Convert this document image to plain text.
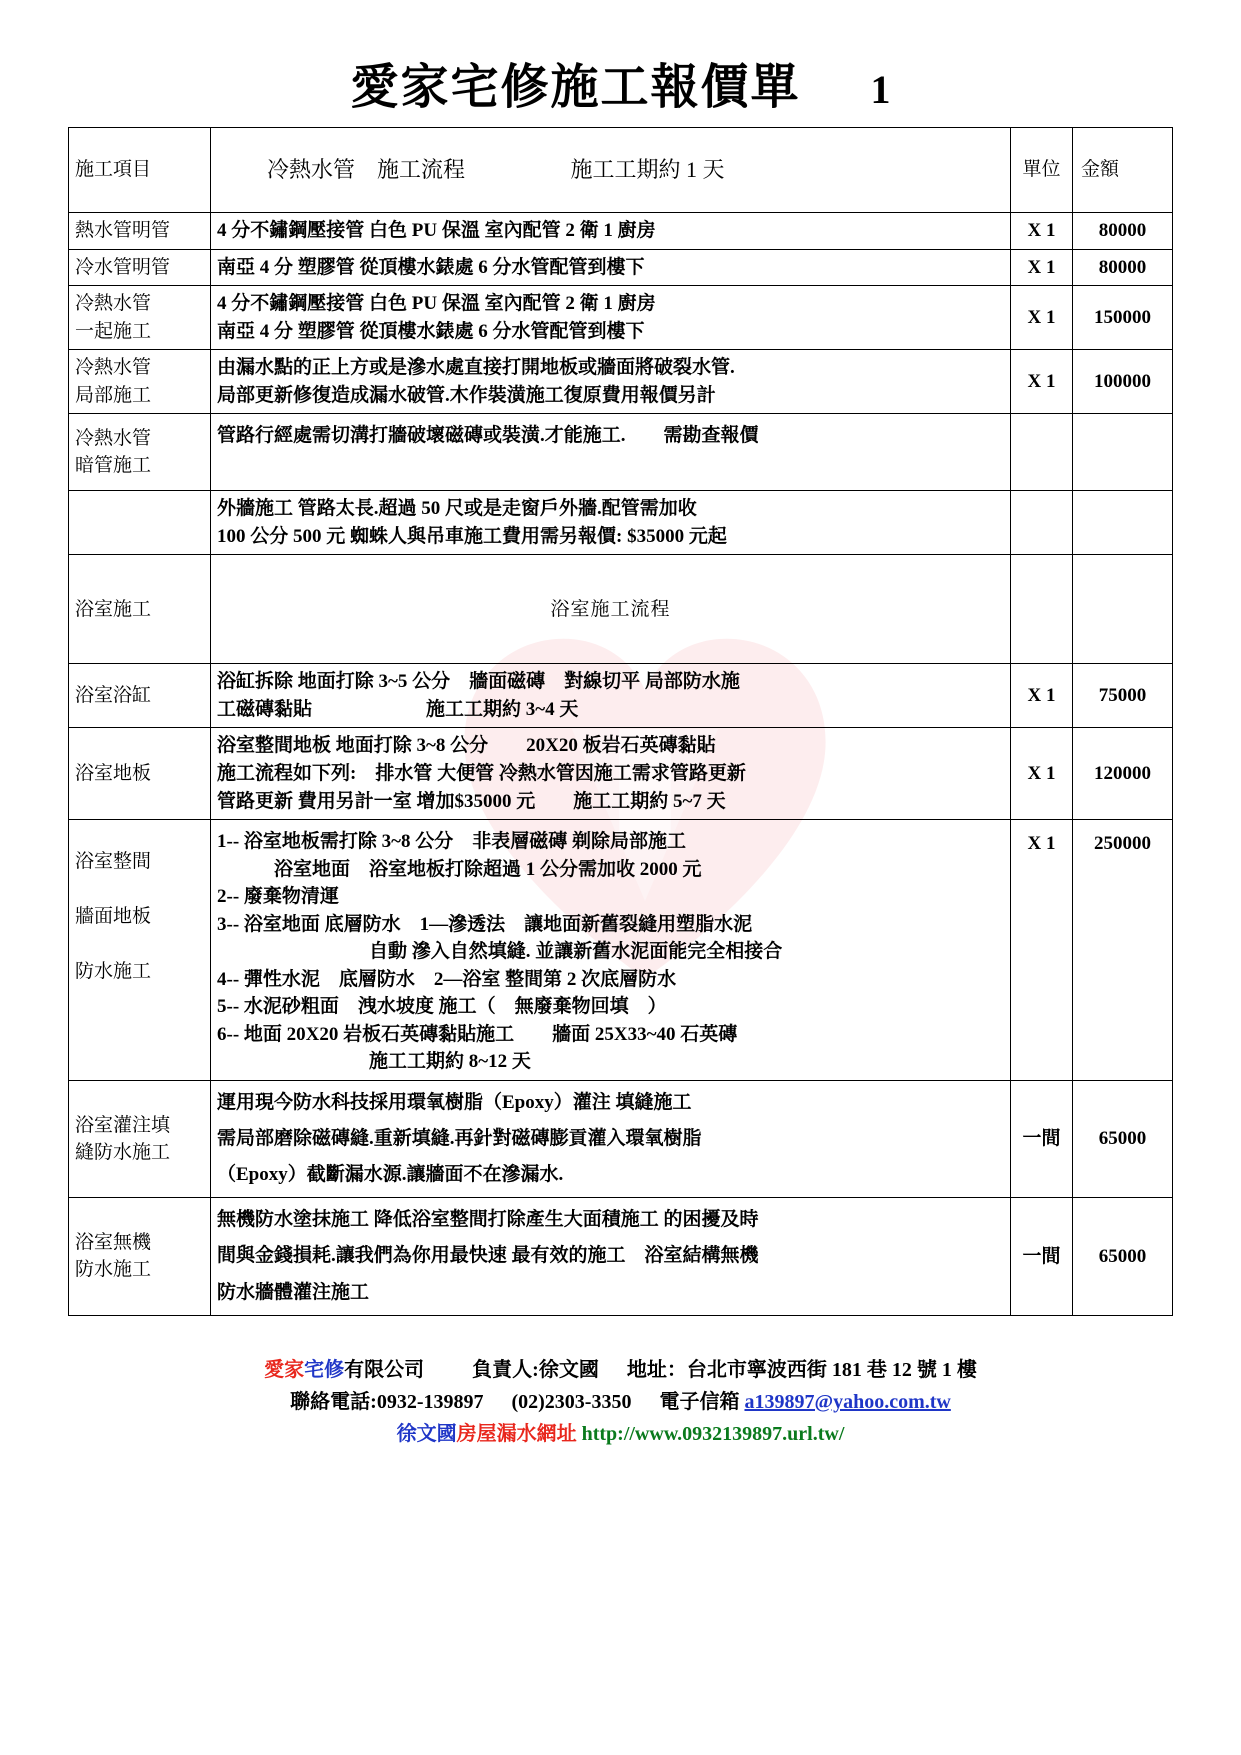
愛家宅修施工報價單 1
施工項目	冷熱水管　施工流程 施工工期約 1 天	單位	金額
熱水管明管	4 分不鏽鋼壓接管 白色 PU 保溫 室內配管 2 衛 1 廚房	X 1	80000
冷水管明管	南亞 4 分 塑膠管 從頂樓水錶處 6 分水管配管到樓下	X 1	80000

冷熱水管
一起施工	4 分不鏽鋼壓接管 白色 PU 保溫 室內配管 2 衛 1 廚房
南亞 4 分 塑膠管 從頂樓水錶處 6 分水管配管到樓下	X 1	150000

冷熱水管
局部施工	由漏水點的正上方或是滲水處直接打開地板或牆面將破裂水管.
局部更新修復造成漏水破管.木作裝潢施工復原費用報價另計	X 1	100000

冷熱水管
暗管施工	管路行經處需切溝打牆破壞磁磚或裝潢.才能施工.　　需勘查報價		

	外牆施工 管路太長.超過 50 尺或是走窗戶外牆.配管需加收
100 公分 500 元 蜘蛛人與吊車施工費用需另報價: $35000 元起		

浴室施工	浴室施工流程		
浴室浴缸	浴缸拆除 地面打除 3~5 公分　牆面磁磚　對線切平 局部防水施
工磁磚黏貼　　　　　　施工工期約 3~4 天	X 1	75000
浴室地板	浴室整間地板 地面打除 3~8 公分　　20X20 板岩石英磚黏貼
施工流程如下列:　排水管 大便管 冷熱水管因施工需求管路更新
管路更新 費用另計一室 增加$35000 元　　施工工期約 5~7 天	X 1	120000

浴室整間
牆面地板
防水施工

1-- 浴室地板需打除 3~8 公分　非表層磁磚 剃除局部施工
　　　浴室地面　浴室地板打除超過 1 公分需加收 2000 元
2-- 廢棄物清運
3-- 浴室地面 底層防水　1—滲透法　讓地面新舊裂縫用塑脂水泥
　　　　　　　　自動 滲入自然填縫. 並讓新舊水泥面能完全相接合
4-- 彈性水泥　底層防水　2—浴室 整間第 2 次底層防水
5-- 水泥砂粗面　洩水坡度 施工（　無廢棄物回填　）
6-- 地面 20X20 岩板石英磚黏貼施工　　牆面 25X33~40 石英磚
　　　　　　　　施工工期約 8~12 天
	X 1	250000

浴室灌注填
縫防水施工	運用現今防水科技採用環氧樹脂（Epoxy）灌注 填縫施工
需局部磨除磁磚縫.重新填縫.再針對磁磚膨貢灌入環氧樹脂
（Epoxy）截斷漏水源.讓牆面不在滲漏水.	一間	65000

浴室無機
防水施工	無機防水塗抹施工 降低浴室整間打除產生大面積施工 的困擾及時
間與金錢損耗.讓我們為你用最快速 最有效的施工　浴室結構無機
防水牆體灌注施工	一間	65000
愛家宅修有限公司 負責人:徐文國 地址：台北市寧波西街 181 巷 12 號 1 樓
聯絡電話:0932-139897 (02)2303-3350 電子信箱 a139897@yahoo.com.tw
徐文國房屋漏水網址 http://www.0932139897.url.tw/
